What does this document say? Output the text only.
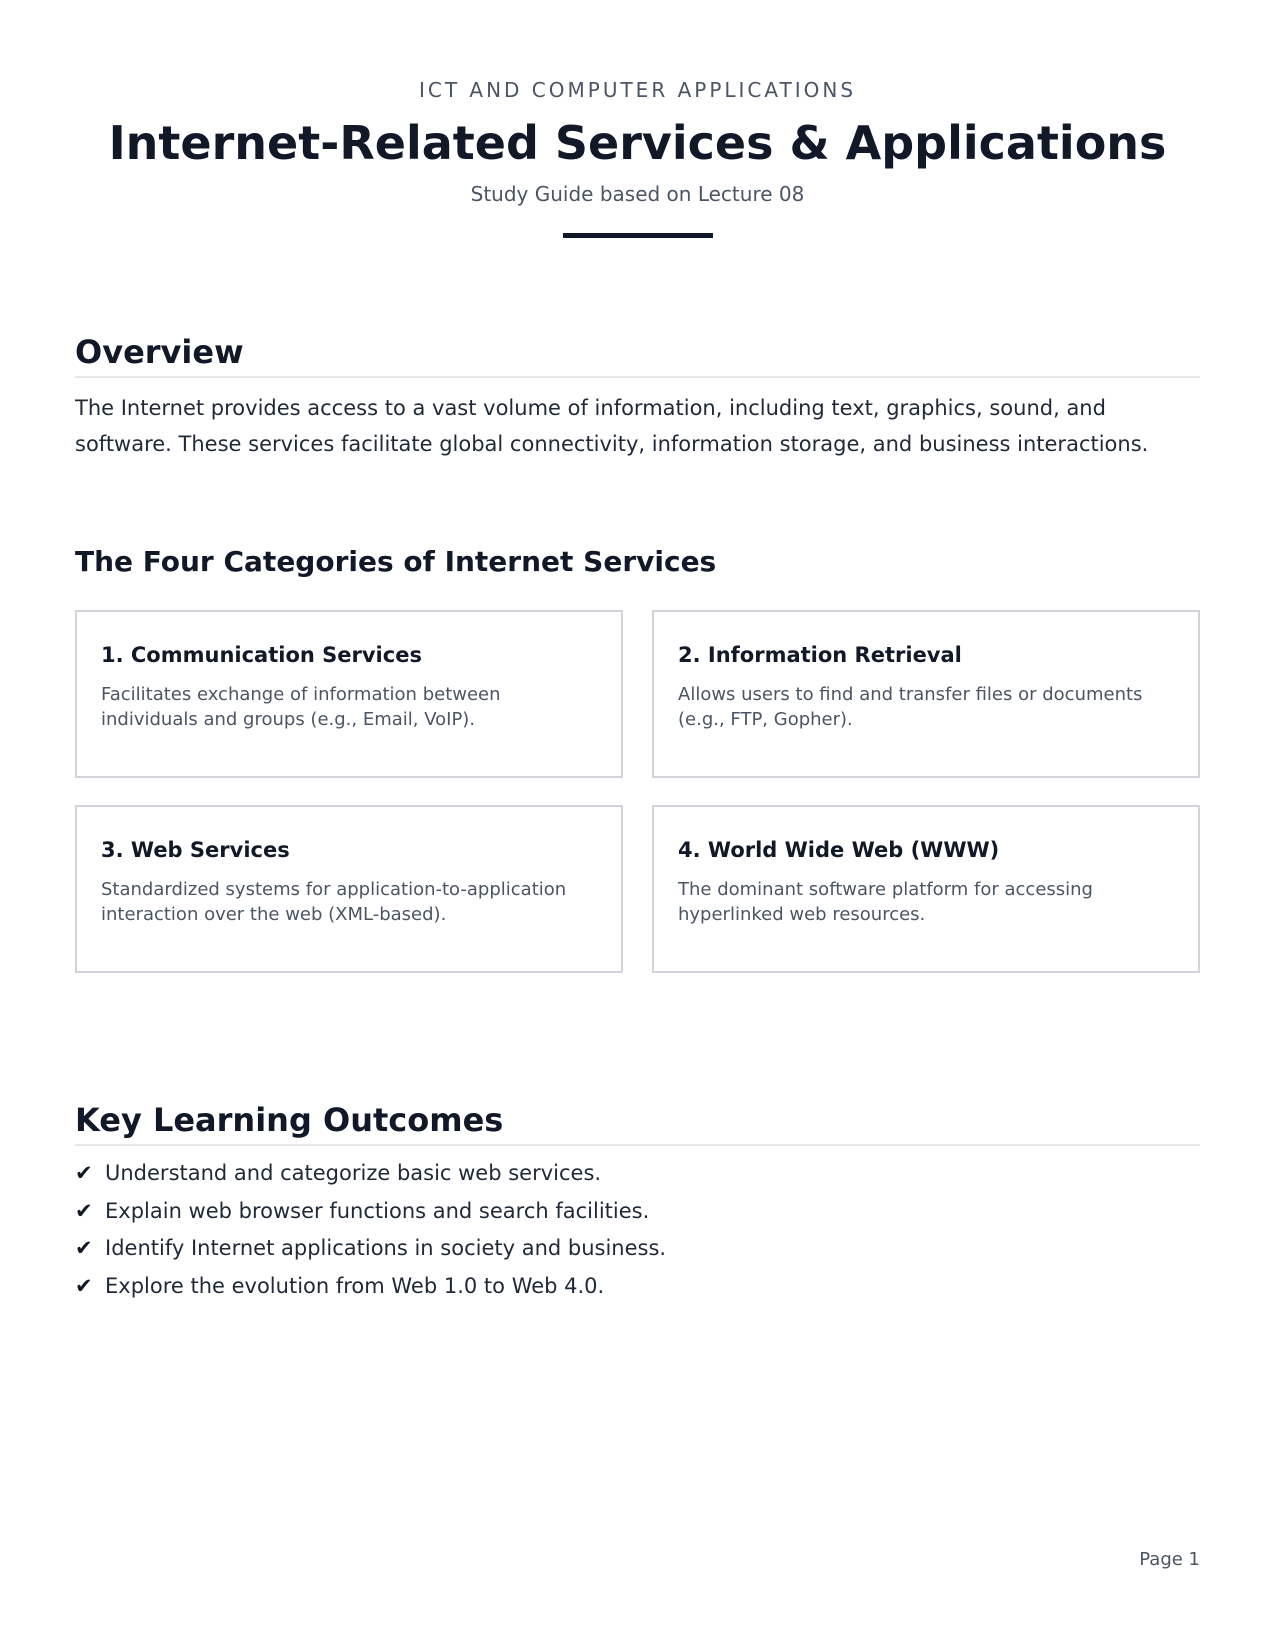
ICT AND COMPUTER APPLICATIONS
Internet-Related Services & Applications
Study Guide based on Lecture 08
Overview

The Internet provides access to a vast volume of information, including text, graphics, sound, and software. These services facilitate global connectivity, information storage, and business interactions.

The Four Categories of Internet Services
1. Communication Services
Facilitates exchange of information between individuals and groups (e.g., Email, VoIP).
2. Information Retrieval
Allows users to find and transfer files or documents (e.g., FTP, Gopher).
3. Web Services
Standardized systems for application-to-application interaction over the web (XML-based).
4. World Wide Web (WWW)
The dominant software platform for accessing hyperlinked web resources.
Key Learning Outcomes
✔ Understand and categorize basic web services.
✔ Explain web browser functions and search facilities.
✔ Identify Internet applications in society and business.
✔ Explore the evolution from Web 1.0 to Web 4.0.
Page 1
